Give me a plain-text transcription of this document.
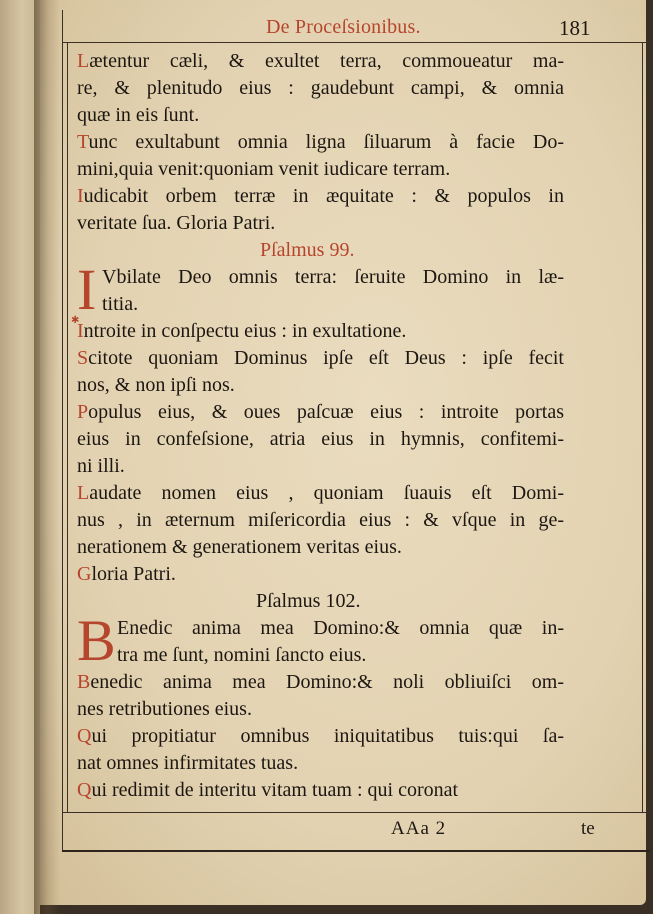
De Proceſsionibus.	181
AAa 2	te
Lætentur cæli, & exultet terra, commoueatur ma-
re, & plenitudo eius : gaudebunt campi, & omnia
quæ in eis ſunt.
Tunc exultabunt omnia ligna ſiluarum à facie Do-
mini,quia venit:quoniam venit iudicare terram.
Iudicabit orbem terræ in æquitate : & populos in
veritate ſua. Gloria Patri.
Pſalmus 99.
I
✱
Vbilate Deo omnis terra: ſeruite Domino in læ-
titia.
Introite in conſpectu eius : in exultatione.
Scitote quoniam Dominus ipſe eſt Deus : ipſe fecit
nos, & non ipſi nos.
Populus eius, & oues paſcuæ eius : introite portas
eius in confeſsione, atria eius in hymnis, confitemi-
ni illi.
Laudate nomen eius , quoniam ſuauis eſt Domi-
nus , in æternum miſericordia eius : & vſque in ge-
nerationem & generationem veritas eius.
Gloria Patri.
Pſalmus 102.
B Enedic anima mea Domino:& omnia quæ in-
tra me ſunt, nomini ſancto eius.
Benedic anima mea Domino:& noli obliuiſci om-
nes retributiones eius.
Qui propitiatur omnibus iniquitatibus tuis:qui ſa-
nat omnes infirmitates tuas.
Qui redimit de interitu vitam tuam : qui coronat
